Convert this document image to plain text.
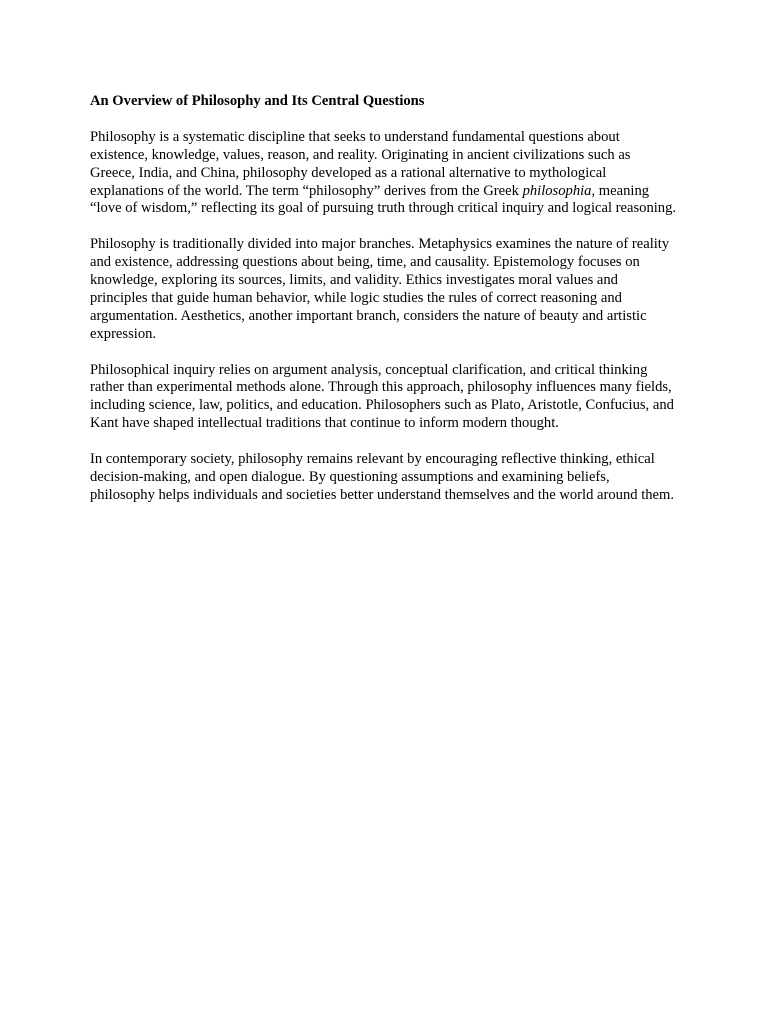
An Overview of Philosophy and Its Central Questions

Philosophy is a systematic discipline that seeks to understand fundamental questions about existence, knowledge, values, reason, and reality. Originating in ancient civilizations such as Greece, India, and China, philosophy developed as a rational alternative to mythological explanations of the world. The term “philosophy” derives from the Greek philosophia, meaning “love of wisdom,” reflecting its goal of pursuing truth through critical inquiry and logical reasoning.

Philosophy is traditionally divided into major branches. Metaphysics examines the nature of reality and existence, addressing questions about being, time, and causality. Epistemology focuses on knowledge, exploring its sources, limits, and validity. Ethics investigates moral values and principles that guide human behavior, while logic studies the rules of correct reasoning and argumentation. Aesthetics, another important branch, considers the nature of beauty and artistic expression.

Philosophical inquiry relies on argument analysis, conceptual clarification, and critical thinking rather than experimental methods alone. Through this approach, philosophy influences many fields, including science, law, politics, and education. Philosophers such as Plato, Aristotle, Confucius, and Kant have shaped intellectual traditions that continue to inform modern thought.

In contemporary society, philosophy remains relevant by encouraging reflective thinking, ethical decision-making, and open dialogue. By questioning assumptions and examining beliefs, philosophy helps individuals and societies better understand themselves and the world around them.
